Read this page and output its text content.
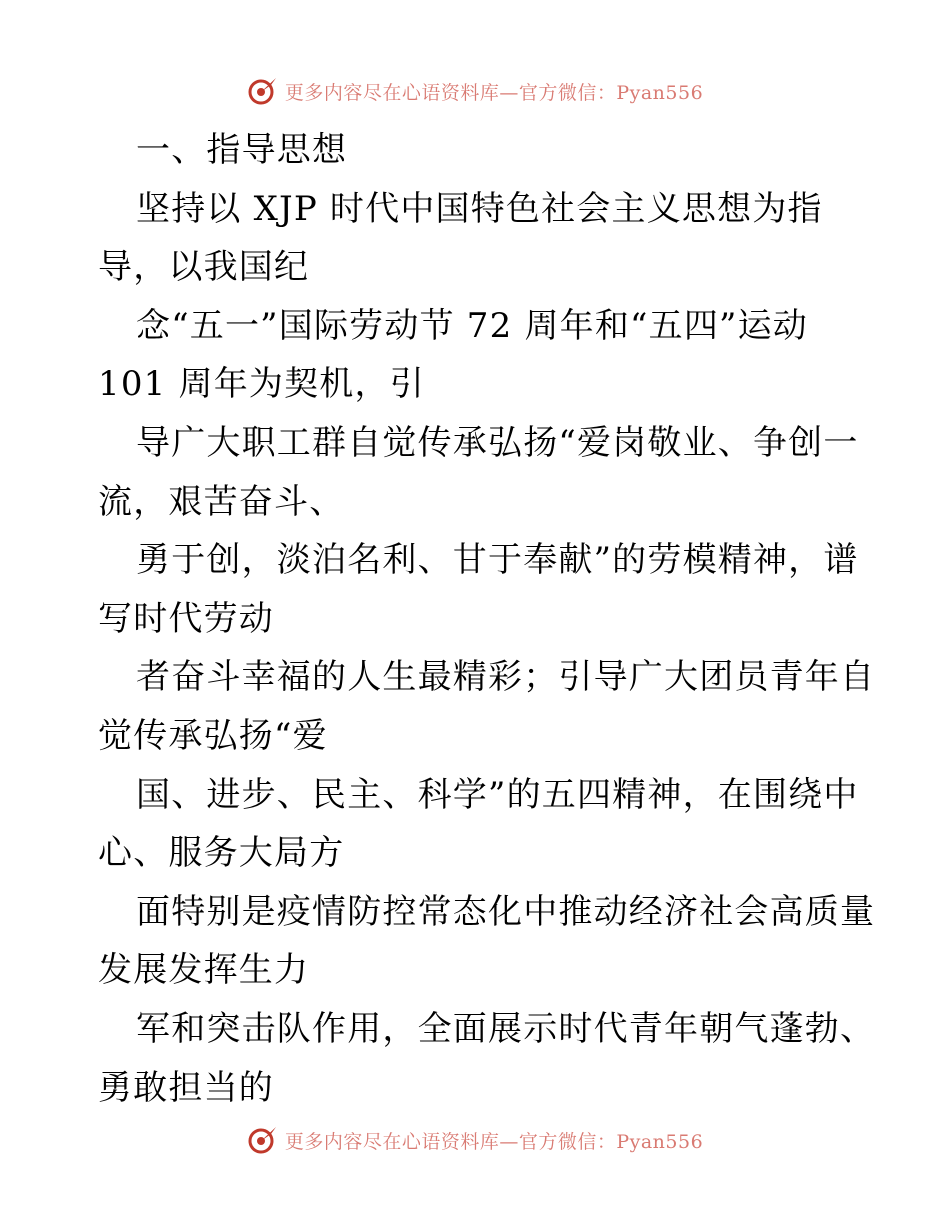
更多内容尽在心语资料库—官方微信：Pyan556
一、指导思想
坚持以 XJP 时代中国特色社会主义思想为指
导，以我国纪
念“五一”国际劳动节 72 周年和“五四”运动
101 周年为契机，引
导广大职工群自觉传承弘扬“爱岗敬业、争创一
流，艰苦奋斗、
勇于创，淡泊名利、甘于奉献”的劳模精神，谱
写时代劳动
者奋斗幸福的人生最精彩；引导广大团员青年自
觉传承弘扬“爱
国、进步、民主、科学”的五四精神，在围绕中
心、服务大局方
面特别是疫情防控常态化中推动经济社会高质量
发展发挥生力
军和突击队作用，全面展示时代青年朝气蓬勃、
勇敢担当的
更多内容尽在心语资料库—官方微信：Pyan556
